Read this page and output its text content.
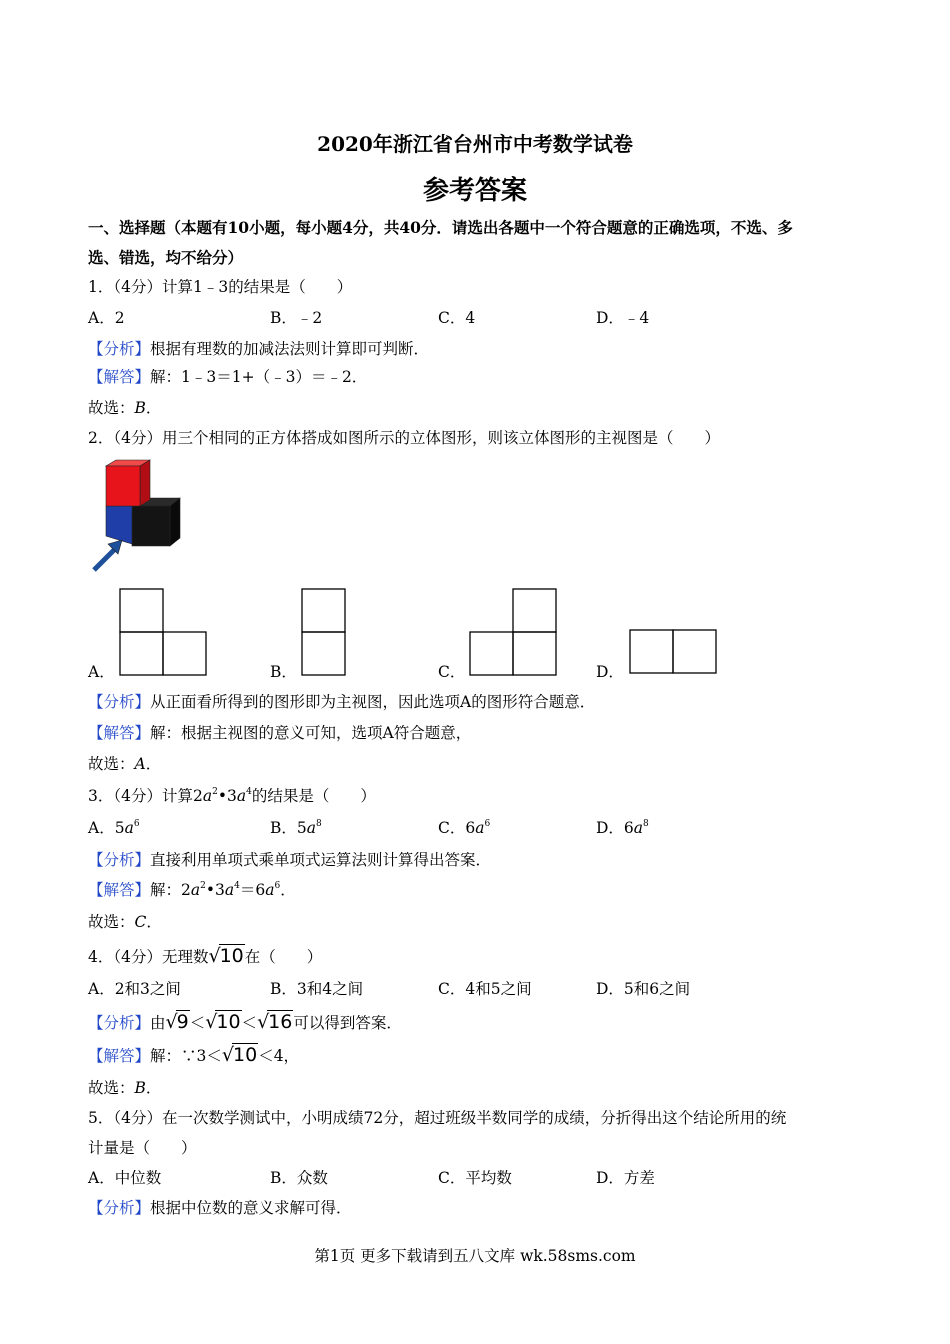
2020年浙江省台州市中考数学试卷
参考答案
一、选择题（本题有10小题，每小题4分，共40分．请选出各题中一个符合题意的正确选项，不选、多
选、错选，均不给分）
1．（4分）计算1﹣3的结果是（　　）
A．2	B．﹣2	C．4	D．﹣4
【分析】根据有理数的加减法法则计算即可判断．
【解答】解：1﹣3＝1+（﹣3）＝﹣2．
故选：B．
2．（4分）用三个相同的正方体搭成如图所示的立体图形，则该立体图形的主视图是（　　）
A．	B．	C．	D．
【分析】从正面看所得到的图形即为主视图，因此选项A的图形符合题意．
【解答】解：根据主视图的意义可知，选项A符合题意，
故选：A．
3．（4分）计算$2a^2•3a^4$的结果是（　　）
A．$5a^6$	B．$5a^8$	C．$6a^6$	D．$6a^8$
【分析】直接利用单项式乘单项式运算法则计算得出答案．
【解答】解：$2a^2•3a^4=6a^6$．
故选：C．
4．（4分）无理数√10在（　　）
A．2和3之间	B．3和4之间	C．4和5之间	D．5和6之间
【分析】由√9＜√10＜√16可以得到答案．
【解答】解：∵3＜√10＜4，
故选：B．
5．（4分）在一次数学测试中，小明成绩72分，超过班级半数同学的成绩，分折得出这个结论所用的统
计量是（　　）
A．中位数	B．众数	C．平均数	D．方差
【分析】根据中位数的意义求解可得．
第1页 更多下载请到五八文库 wk.58sms.com
